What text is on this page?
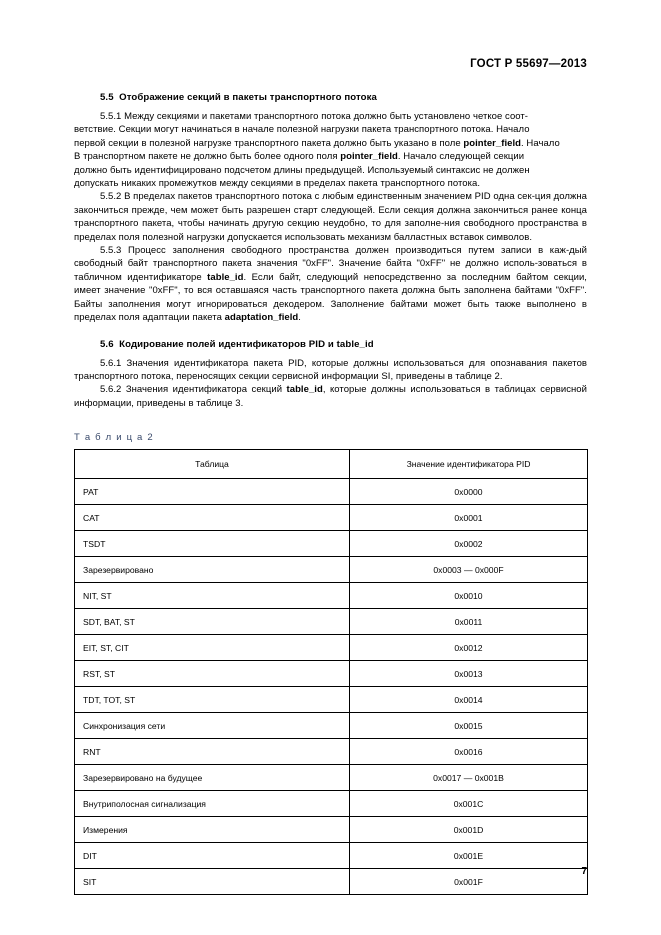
ГОСТ Р 55697—2013
5.5 Отображение секций в пакеты транспортного потока

5.5.1 Между секциями и пакетами транспортного потока должно быть установлено четкое соот-
ветствие. Секции могут начинаться в начале полезной нагрузки пакета транспортного потока. Начало
первой секции в полезной нагрузке транспортного пакета должно быть указано в поле pointer_field. Начало
В транспортном пакете не должно быть более одного поля pointer_field. Начало следующей секции
должно быть идентифицировано подсчетом длины предыдущей. Используемый синтаксис не должен
допускать никаких промежутков между секциями в пределах пакета транспортного потока.

5.5.2 В пределах пакетов транспортного потока с любым единственным значением PID одна сек-ция должна закончиться прежде, чем может быть разрешен старт следующей. Если секция должна закончиться ранее конца транспортного пакета, чтобы начинать другую секцию неудобно, то для заполне-ния свободного пространства в пределах поля полезной нагрузки допускается использовать механизм балластных вставок символов.

5.5.3 Процесс заполнения свободного пространства должен производиться путем записи в каж-дый свободный байт транспортного пакета значения "0xFF". Значение байта "0xFF" не должно исполь-зоваться в табличном идентификаторе table_id. Если байт, следующий непосредственно за последним байтом секции, имеет значение "0xFF", то вся оставшаяся часть транспортного пакета должна быть заполнена байтами "0xFF". Байты заполнения могут игнорироваться декодером. Заполнение байтами может быть также выполнено в пределах поля адаптации пакета adaptation_field.

5.6 Кодирование полей идентификаторов PID и table_id

5.6.1 Значения идентификатора пакета PID, которые должны использоваться для опознавания пакетов транспортного потока, переносящих секции сервисной информации SI, приведены в таблице 2.

5.6.2 Значения идентификатора секций table_id, которые должны использоваться в таблицах сервисной информации, приведены в таблице 3.

Т а б л и ц а 2
Таблица	Значение идентификатора PID
PAT	0x0000
CAT	0x0001
TSDT	0x0002
Зарезервировано	0x0003 — 0x000F
NIT, ST	0x0010
SDT, BAT, ST	0x0011
EIT, ST, CIT	0x0012
RST, ST	0x0013
TDT, TOT, ST	0x0014
Синхронизация сети	0x0015
RNT	0x0016
Зарезервировано на будущее	0x0017 — 0x001B
Внутриполосная сигнализация	0x001C
Измерения	0x001D
DIT	0x001E
SIT	0x001F
7
